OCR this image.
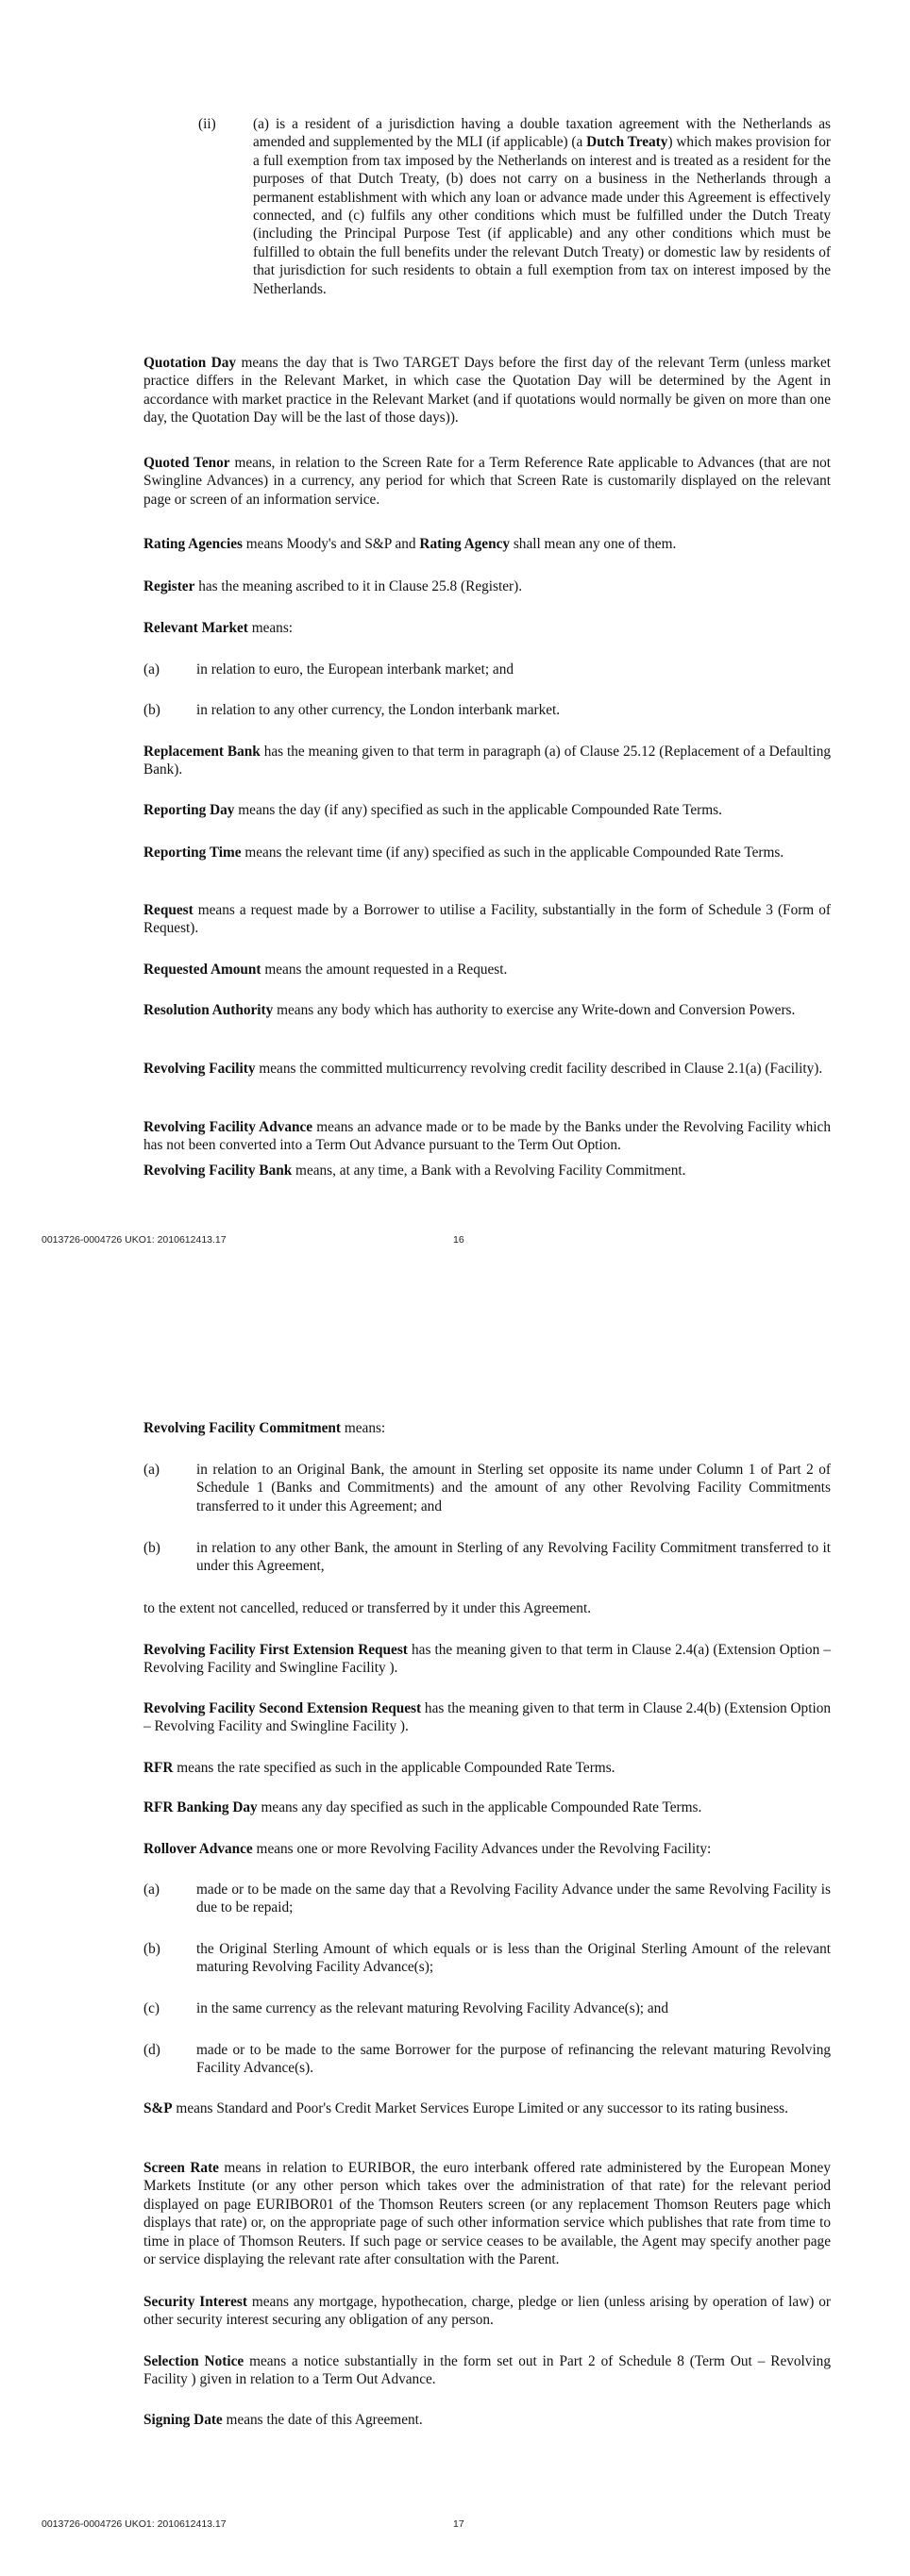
(ii)	(a) is a resident of a jurisdiction having a double taxation agreement with the Netherlands as amended and supplemented by the MLI (if applicable) (a Dutch Treaty) which makes provision for a full exemption from tax imposed by the Netherlands on interest and is treated as a resident for the purposes of that Dutch Treaty, (b) does not carry on a business in the Netherlands through a permanent establishment with which any loan or advance made under this Agreement is effectively connected, and (c) fulfils any other conditions which must be fulfilled under the Dutch Treaty (including the Principal Purpose Test (if applicable) and any other conditions which must be fulfilled to obtain the full benefits under the relevant Dutch Treaty) or domestic law by residents of that jurisdiction for such residents to obtain a full exemption from tax on interest imposed by the Netherlands.

Quotation Day means the day that is Two TARGET Days before the first day of the relevant Term (unless market practice differs in the Relevant Market, in which case the Quotation Day will be determined by the Agent in accordance with market practice in the Relevant Market (and if quotations would normally be given on more than one day, the Quotation Day will be the last of those days)).

Quoted Tenor means, in relation to the Screen Rate for a Term Reference Rate applicable to Advances (that are not Swingline Advances) in a currency, any period for which that Screen Rate is customarily displayed on the relevant page or screen of an information service.

Rating Agencies means Moody's and S&P and Rating Agency shall mean any one of them.

Register has the meaning ascribed to it in Clause 25.8 (Register).

Relevant Market means:

(a)	in relation to euro, the European interbank market; and
(b) in relation to any other currency, the London interbank market.

Replacement Bank has the meaning given to that term in paragraph (a) of Clause 25.12 (Replacement of a Defaulting Bank).

Reporting Day means the day (if any) specified as such in the applicable Compounded Rate Terms.

Reporting Time means the relevant time (if any) specified as such in the applicable Compounded Rate Terms.

Request means a request made by a Borrower to utilise a Facility, substantially in the form of Schedule 3 (Form of Request).

Requested Amount means the amount requested in a Request.

Resolution Authority means any body which has authority to exercise any Write-down and Conversion Powers.

Revolving Facility means the committed multicurrency revolving credit facility described in Clause 2.1(a) (Facility).

Revolving Facility Advance means an advance made or to be made by the Banks under the Revolving Facility which has not been converted into a Term Out Advance pursuant to the Term Out Option.

Revolving Facility Bank means, at any time, a Bank with a Revolving Facility Commitment.

0013726-0004726 UKO1: 2010612413.17	16

Revolving Facility Commitment means:

(a)	in relation to an Original Bank, the amount in Sterling set opposite its name under Column 1 of Part 2 of Schedule 1 (Banks and Commitments) and the amount of any other Revolving Facility Commitments transferred to it under this Agreement; and
(b) in relation to any other Bank, the amount in Sterling of any Revolving Facility Commitment transferred to it under this Agreement,

to the extent not cancelled, reduced or transferred by it under this Agreement.

Revolving Facility First Extension Request has the meaning given to that term in Clause 2.4(a) (Extension Option – Revolving Facility and Swingline Facility ).

Revolving Facility Second Extension Request has the meaning given to that term in Clause 2.4(b) (Extension Option – Revolving Facility and Swingline Facility ).

RFR means the rate specified as such in the applicable Compounded Rate Terms.

RFR Banking Day means any day specified as such in the applicable Compounded Rate Terms.

Rollover Advance means one or more Revolving Facility Advances under the Revolving Facility:

(a)	made or to be made on the same day that a Revolving Facility Advance under the same Revolving Facility is due to be repaid;
(b) the Original Sterling Amount of which equals or is less than the Original Sterling Amount of the relevant maturing Revolving Facility Advance(s);
(c)	in the same currency as the relevant maturing Revolving Facility Advance(s); and
(d) made or to be made to the same Borrower for the purpose of refinancing the relevant maturing Revolving Facility Advance(s).

S&P means Standard and Poor's Credit Market Services Europe Limited or any successor to its rating business.

Screen Rate means in relation to EURIBOR, the euro interbank offered rate administered by the European Money Markets Institute (or any other person which takes over the administration of that rate) for the relevant period displayed on page EURIBOR01 of the Thomson Reuters screen (or any replacement Thomson Reuters page which displays that rate) or, on the appropriate page of such other information service which publishes that rate from time to time in place of Thomson Reuters. If such page or service ceases to be available, the Agent may specify another page or service displaying the relevant rate after consultation with the Parent.

Security Interest means any mortgage, hypothecation, charge, pledge or lien (unless arising by operation of law) or other security interest securing any obligation of any person.

Selection Notice means a notice substantially in the form set out in Part 2 of Schedule 8 (Term Out – Revolving Facility ) given in relation to a Term Out Advance.

Signing Date means the date of this Agreement.

0013726-0004726 UKO1: 2010612413.17	17
